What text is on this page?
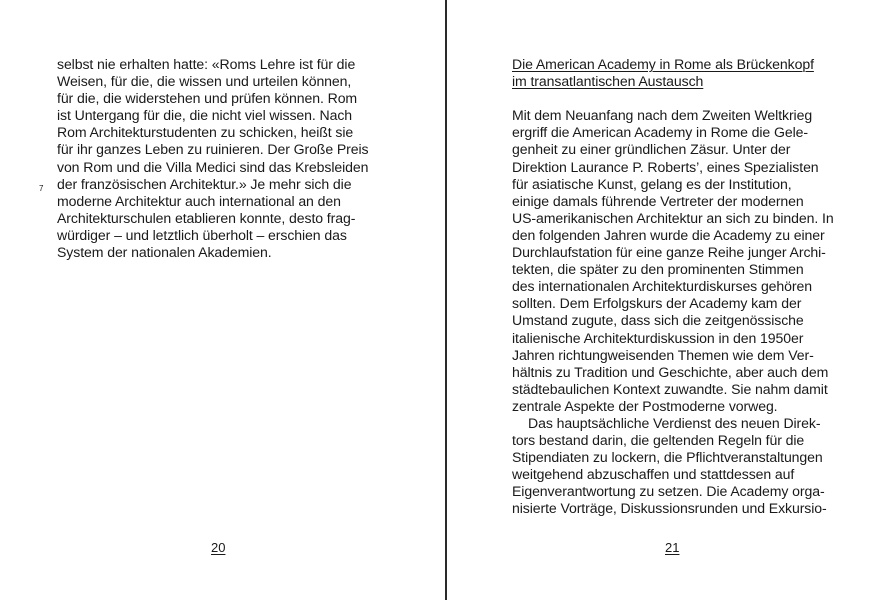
7
selbst nie erhalten hatte: «Roms Lehre ist für die
Weisen, für die, die wissen und urteilen können,
für die, die widerstehen und prüfen können. Rom
ist Untergang für die, die nicht viel wissen. Nach
Rom Architekturstudenten zu schicken, heißt sie
für ihr ganzes Leben zu ruinieren. Der Große Preis
von Rom und die Villa Medici sind das Krebsleiden
der französischen Architektur.» Je mehr sich die
moderne Architektur auch international an den
Architekturschulen etablieren konnte, desto frag-
würdiger – und letztlich überholt – erschien das
System der nationalen Akademien.
20
Die American Academy in Rome als Brückenkopf
im transatlantischen Austausch
Mit dem Neuanfang nach dem Zweiten Weltkrieg
ergriff die American Academy in Rome die Gele-
genheit zu einer gründlichen Zäsur. Unter der
Direktion Laurance P. Roberts’, eines Spezialisten
für asiatische Kunst, gelang es der Institution,
einige damals führende Vertreter der modernen
US-amerikanischen Architektur an sich zu binden. In
den folgenden Jahren wurde die Academy zu einer
Durchlaufstation für eine ganze Reihe junger Archi-
tekten, die später zu den prominenten Stimmen
des internationalen Architekturdiskurses gehören
sollten. Dem Erfolgskurs der Academy kam der
Umstand zugute, dass sich die zeitgenössische
italienische Architekturdiskussion in den 1950er
Jahren richtungweisenden Themen wie dem Ver-
hältnis zu Tradition und Geschichte, aber auch dem
städtebaulichen Kontext zuwandte. Sie nahm damit
zentrale Aspekte der Postmoderne vorweg.
Das hauptsächliche Verdienst des neuen Direk-
tors bestand darin, die geltenden Regeln für die
Stipendiaten zu lockern, die Pflichtveranstaltungen
weitgehend abzuschaffen und stattdessen auf
Eigenverantwortung zu setzen. Die Academy orga-
nisierte Vorträge, Diskussionsrunden und Exkursio-
21
